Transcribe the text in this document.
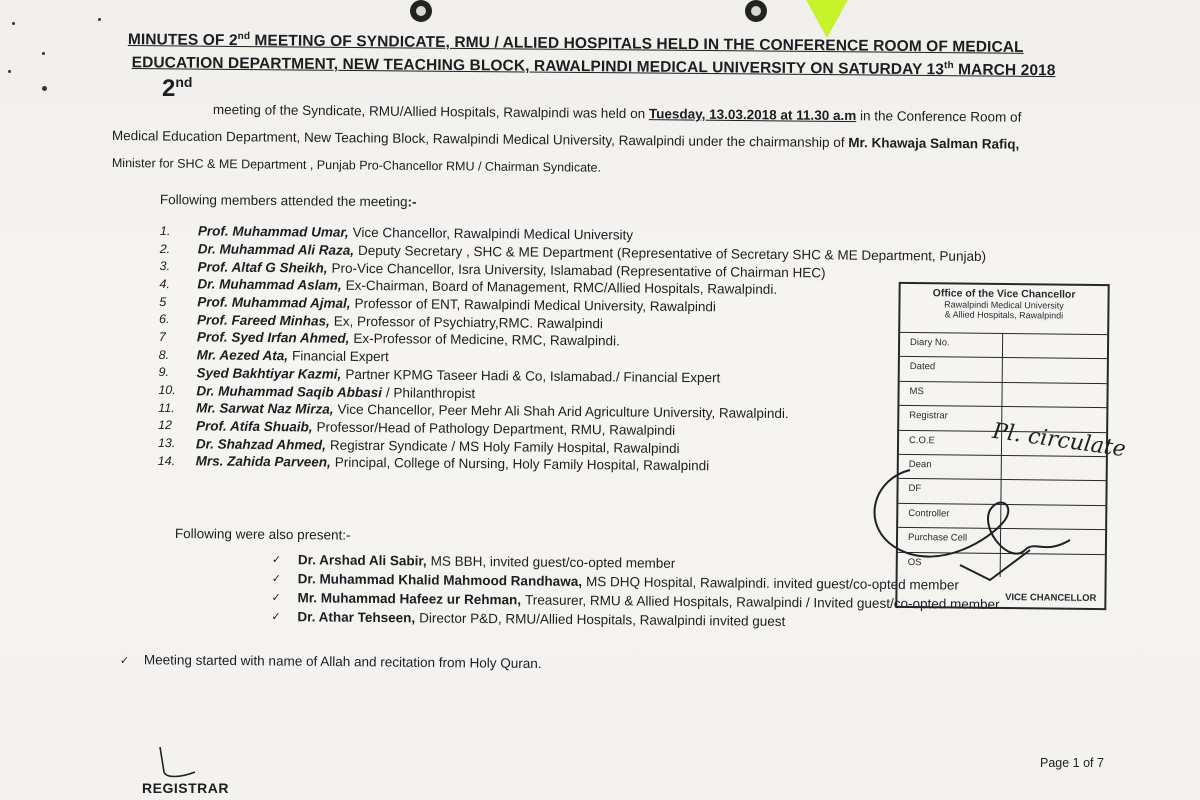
MINUTES OF 2nd MEETING OF SYNDICATE, RMU / ALLIED HOSPITALS HELD IN THE CONFERENCE ROOM OF MEDICAL
EDUCATION DEPARTMENT, NEW TEACHING BLOCK, RAWALPINDI MEDICAL UNIVERSITY ON SATURDAY 13th MARCH 2018
2nd
meeting of the Syndicate, RMU/Allied Hospitals, Rawalpindi was held on Tuesday, 13.03.2018 at 11.30 a.m in the Conference Room of
Medical Education Department, New Teaching Block, Rawalpindi Medical University, Rawalpindi under the chairmanship of Mr. Khawaja Salman Rafiq,
Minister for SHC & ME Department , Punjab Pro-Chancellor RMU / Chairman Syndicate.
Following members attended the meeting:-
1.	Prof. Muhammad Umar, Vice Chancellor, Rawalpindi Medical University
2.	Dr. Muhammad Ali Raza, Deputy Secretary , SHC & ME Department (Representative of Secretary SHC & ME Department, Punjab)
3.	Prof. Altaf G Sheikh, Pro-Vice Chancellor, Isra University, Islamabad (Representative of Chairman HEC)
4.	Dr. Muhammad Aslam, Ex-Chairman, Board of Management, RMC/Allied Hospitals, Rawalpindi.
5	Prof. Muhammad Ajmal, Professor of ENT, Rawalpindi Medical University, Rawalpindi
6.	Prof. Fareed Minhas, Ex, Professor of Psychiatry,RMC. Rawalpindi
7	Prof. Syed Irfan Ahmed, Ex-Professor of Medicine, RMC, Rawalpindi.
8.	Mr. Aezed Ata, Financial Expert
9.	Syed Bakhtiyar Kazmi, Partner KPMG Taseer Hadi & Co, Islamabad./ Financial Expert
10.	Dr. Muhammad Saqib Abbasi / Philanthropist
11.	Mr. Sarwat Naz Mirza, Vice Chancellor, Peer Mehr Ali Shah Arid Agriculture University, Rawalpindi.
12	Prof. Atifa Shuaib, Professor/Head of Pathology Department, RMU, Rawalpindi
13.	Dr. Shahzad Ahmed, Registrar Syndicate / MS Holy Family Hospital, Rawalpindi
14.	Mrs. Zahida Parveen, Principal, College of Nursing, Holy Family Hospital, Rawalpindi
Following were also present:-
✓	Dr. Arshad Ali Sabir, MS BBH, invited guest/co-opted member
✓	Dr. Muhammad Khalid Mahmood Randhawa, MS DHQ Hospital, Rawalpindi. invited guest/co-opted member
✓	Mr. Muhammad Hafeez ur Rehman, Treasurer, RMU & Allied Hospitals, Rawalpindi / Invited guest/co-opted member
✓	Dr. Athar Tehseen, Director P&D, RMU/Allied Hospitals, Rawalpindi invited guest
✓ Meeting started with name of Allah and recitation from Holy Quran.
Office of the Vice Chancellor
Rawalpindi Medical University
& Allied Hospitals, Rawalpindi
Diary No.
Dated
MS
Registrar
C.O.E
Dean
DF
Controller
Purchase Cell
OS
VICE CHANCELLOR
Pl. circulate
REGISTRAR
Page 1 of 7
